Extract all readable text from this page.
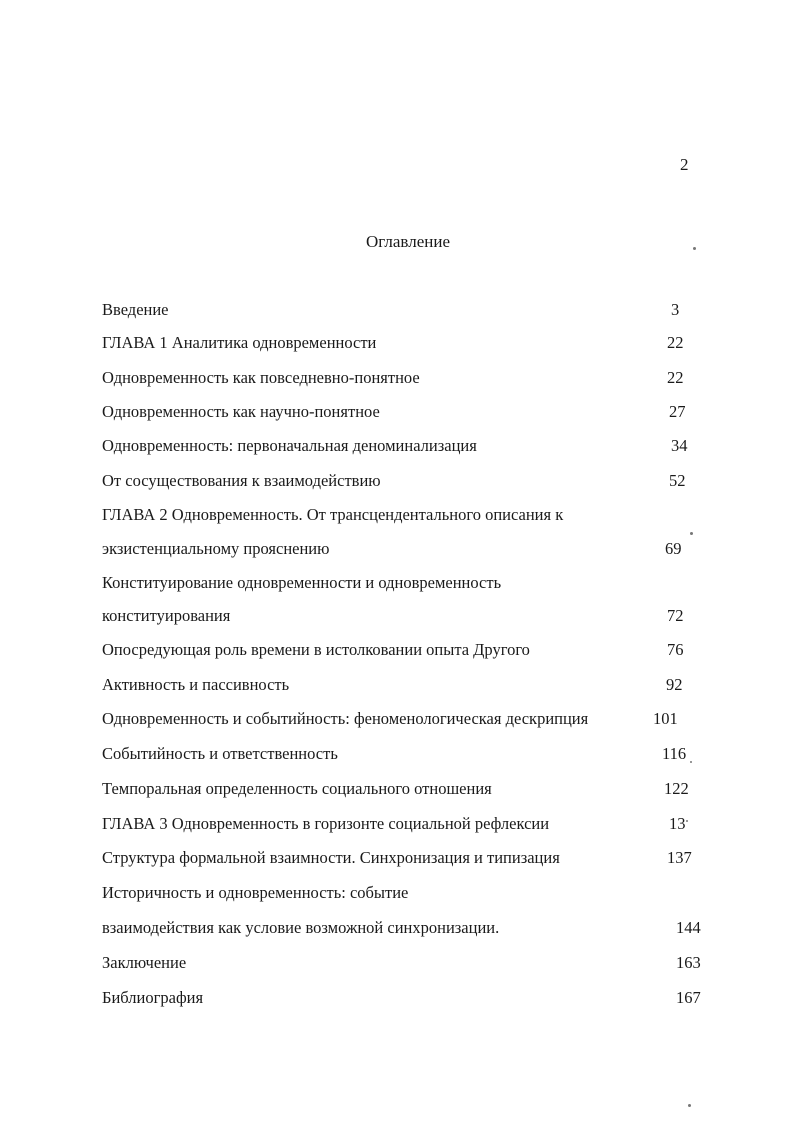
2
Оглавление
Введение	3
ГЛАВА 1 Аналитика одновременности	22
Одновременность как повседневно-понятное	22
Одновременность как научно-понятное	27
Одновременность: первоначальная деноминализация	34
От сосуществования к взаимодействию	52
ГЛАВА 2 Одновременность. От трансцендентального описания к
экзистенциальному прояснению	69
Конституирование одновременности и одновременность
конституирования	72
Опосредующая роль времени в истолковании опыта Другого	76
Активность и пассивность	92
Одновременность и событийность: феноменологическая дескрипция	101
Событийность и ответственность	116
Темпоральная определенность социального отношения	122
ГЛАВА 3 Одновременность в горизонте социальной рефлексии	13
Структура формальной взаимности. Синхронизация и типизация	137
Историчность и одновременность: событие
взаимодействия как условие возможной синхронизации.	144
Заключение	163
Библиография	167
